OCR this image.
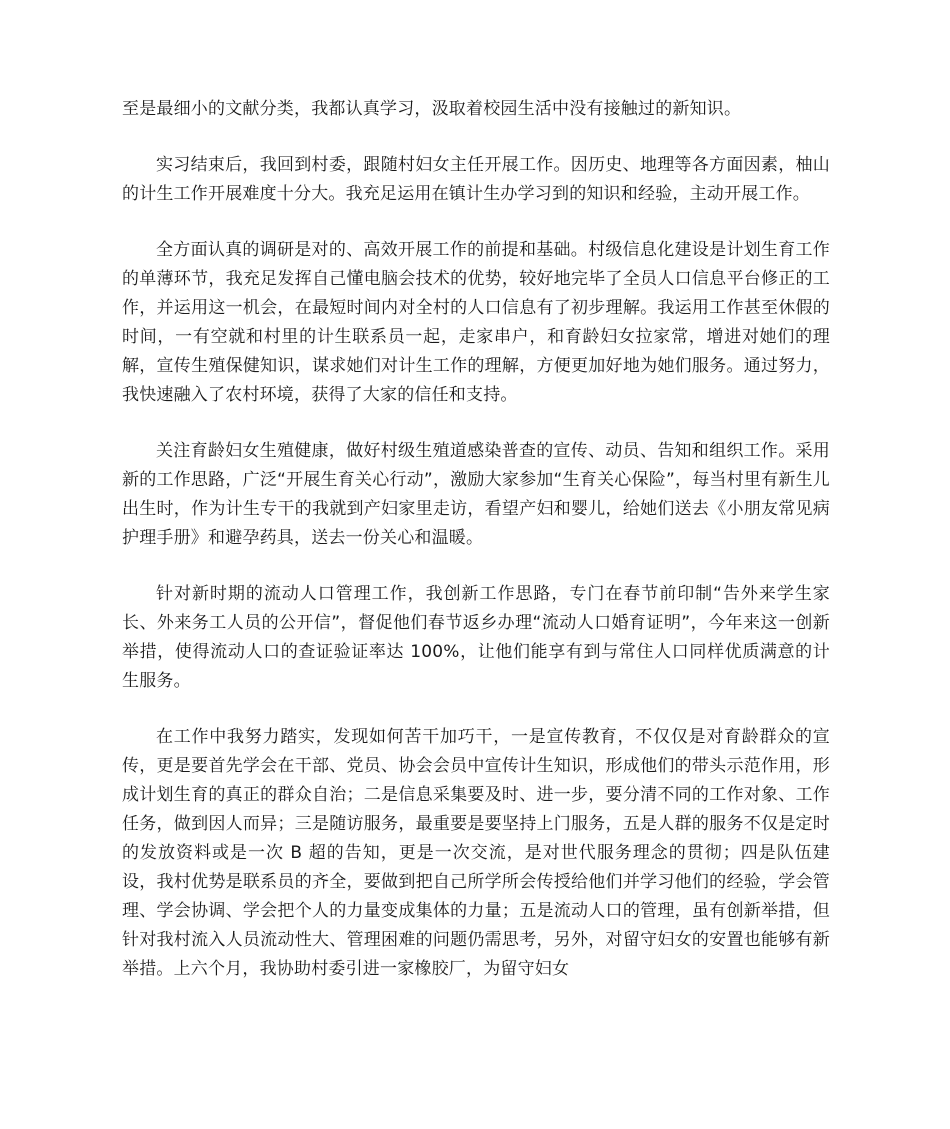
至是最细小的文献分类，我都认真学习，汲取着校园生活中没有接触过的新知识。

实习结束后，我回到村委，跟随村妇女主任开展工作。因历史、地理等各方面因素，柚山的计生工作开展难度十分大。我充足运用在镇计生办学习到的知识和经验，主动开展工作。

全方面认真的调研是对的、高效开展工作的前提和基础。村级信息化建设是计划生育工作的单薄环节，我充足发挥自己懂电脑会技术的优势，较好地完毕了全员人口信息平台修正的工作，并运用这一机会，在最短时间内对全村的人口信息有了初步理解。我运用工作甚至休假的时间，一有空就和村里的计生联系员一起，走家串户，和育龄妇女拉家常，增进对她们的理解，宣传生殖保健知识，谋求她们对计生工作的理解，方便更加好地为她们服务。通过努力，我快速融入了农村环境，获得了大家的信任和支持。

关注育龄妇女生殖健康，做好村级生殖道感染普查的宣传、动员、告知和组织工作。采用新的工作思路，广泛“开展生育关心行动”，激励大家参加“生育关心保险”，每当村里有新生儿出生时，作为计生专干的我就到产妇家里走访，看望产妇和婴儿，给她们送去《小朋友常见病护理手册》和避孕药具，送去一份关心和温暖。

针对新时期的流动人口管理工作，我创新工作思路，专门在春节前印制“告外来学生家长、外来务工人员的公开信”，督促他们春节返乡办理“流动人口婚育证明”，今年来这一创新举措，使得流动人口的查证验证率达 100%，让他们能享有到与常住人口同样优质满意的计生服务。

在工作中我努力踏实，发现如何苦干加巧干，一是宣传教育，不仅仅是对育龄群众的宣传，更是要首先学会在干部、党员、协会会员中宣传计生知识，形成他们的带头示范作用，形成计划生育的真正的群众自治；二是信息采集要及时、进一步，要分清不同的工作对象、工作任务，做到因人而异；三是随访服务，最重要是要坚持上门服务，五是人群的服务不仅是定时的发放资料或是一次 B 超的告知，更是一次交流，是对世代服务理念的贯彻；四是队伍建设，我村优势是联系员的齐全，要做到把自己所学所会传授给他们并学习他们的经验，学会管理、学会协调、学会把个人的力量变成集体的力量；五是流动人口的管理，虽有创新举措，但针对我村流入人员流动性大、管理困难的问题仍需思考，另外，对留守妇女的安置也能够有新举措。上六个月，我协助村委引进一家橡胶厂，为留守妇女
